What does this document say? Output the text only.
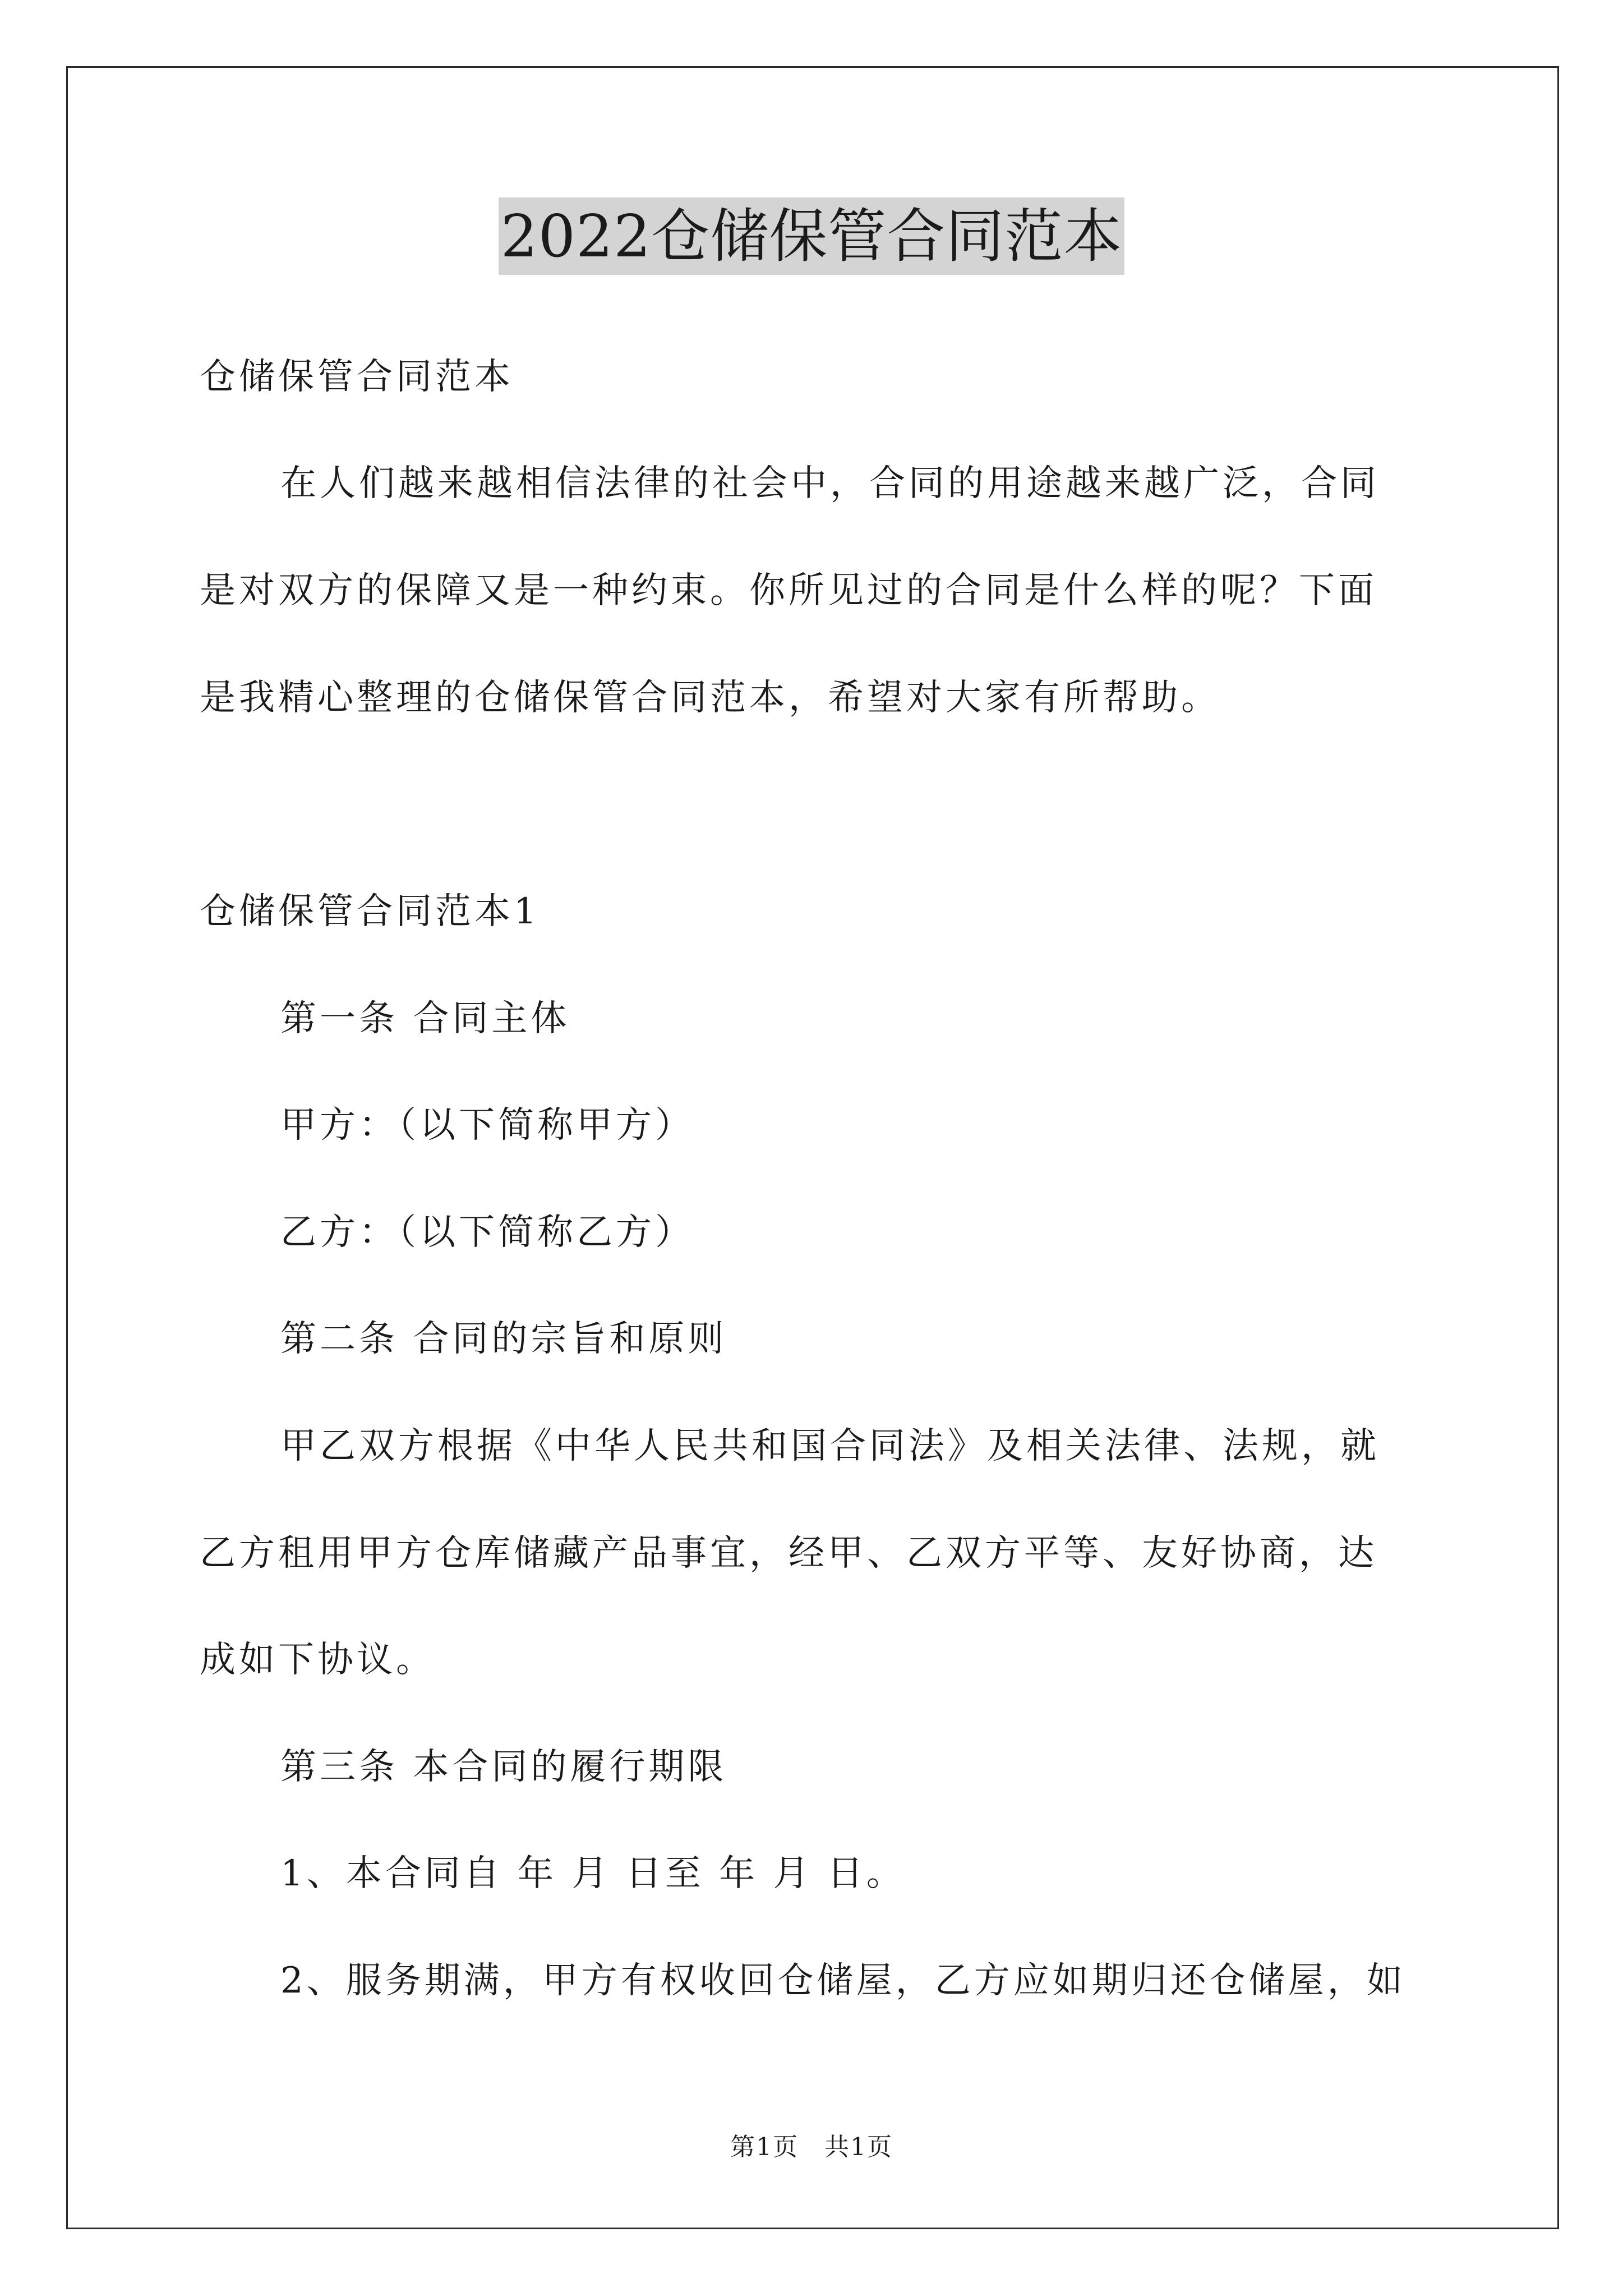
2022仓储保管合同范本
仓储保管合同范本
在人们越来越相信法律的社会中，合同的用途越来越广泛，合同
是对双方的保障又是一种约束。你所见过的合同是什么样的呢？下面
是我精心整理的仓储保管合同范本，希望对大家有所帮助。
仓储保管合同范本1
第一条 合同主体
甲方：（以下简称甲方）
乙方：（以下简称乙方）
第二条 合同的宗旨和原则
甲乙双方根据《中华人民共和国合同法》及相关法律、法规，就
乙方租用甲方仓库储藏产品事宜，经甲、乙双方平等、友好协商，达
成如下协议。
第三条 本合同的履行期限
1、本合同自 年 月 日至 年 月 日。
2、服务期满，甲方有权收回仓储屋，乙方应如期归还仓储屋，如
第1页　共1页
